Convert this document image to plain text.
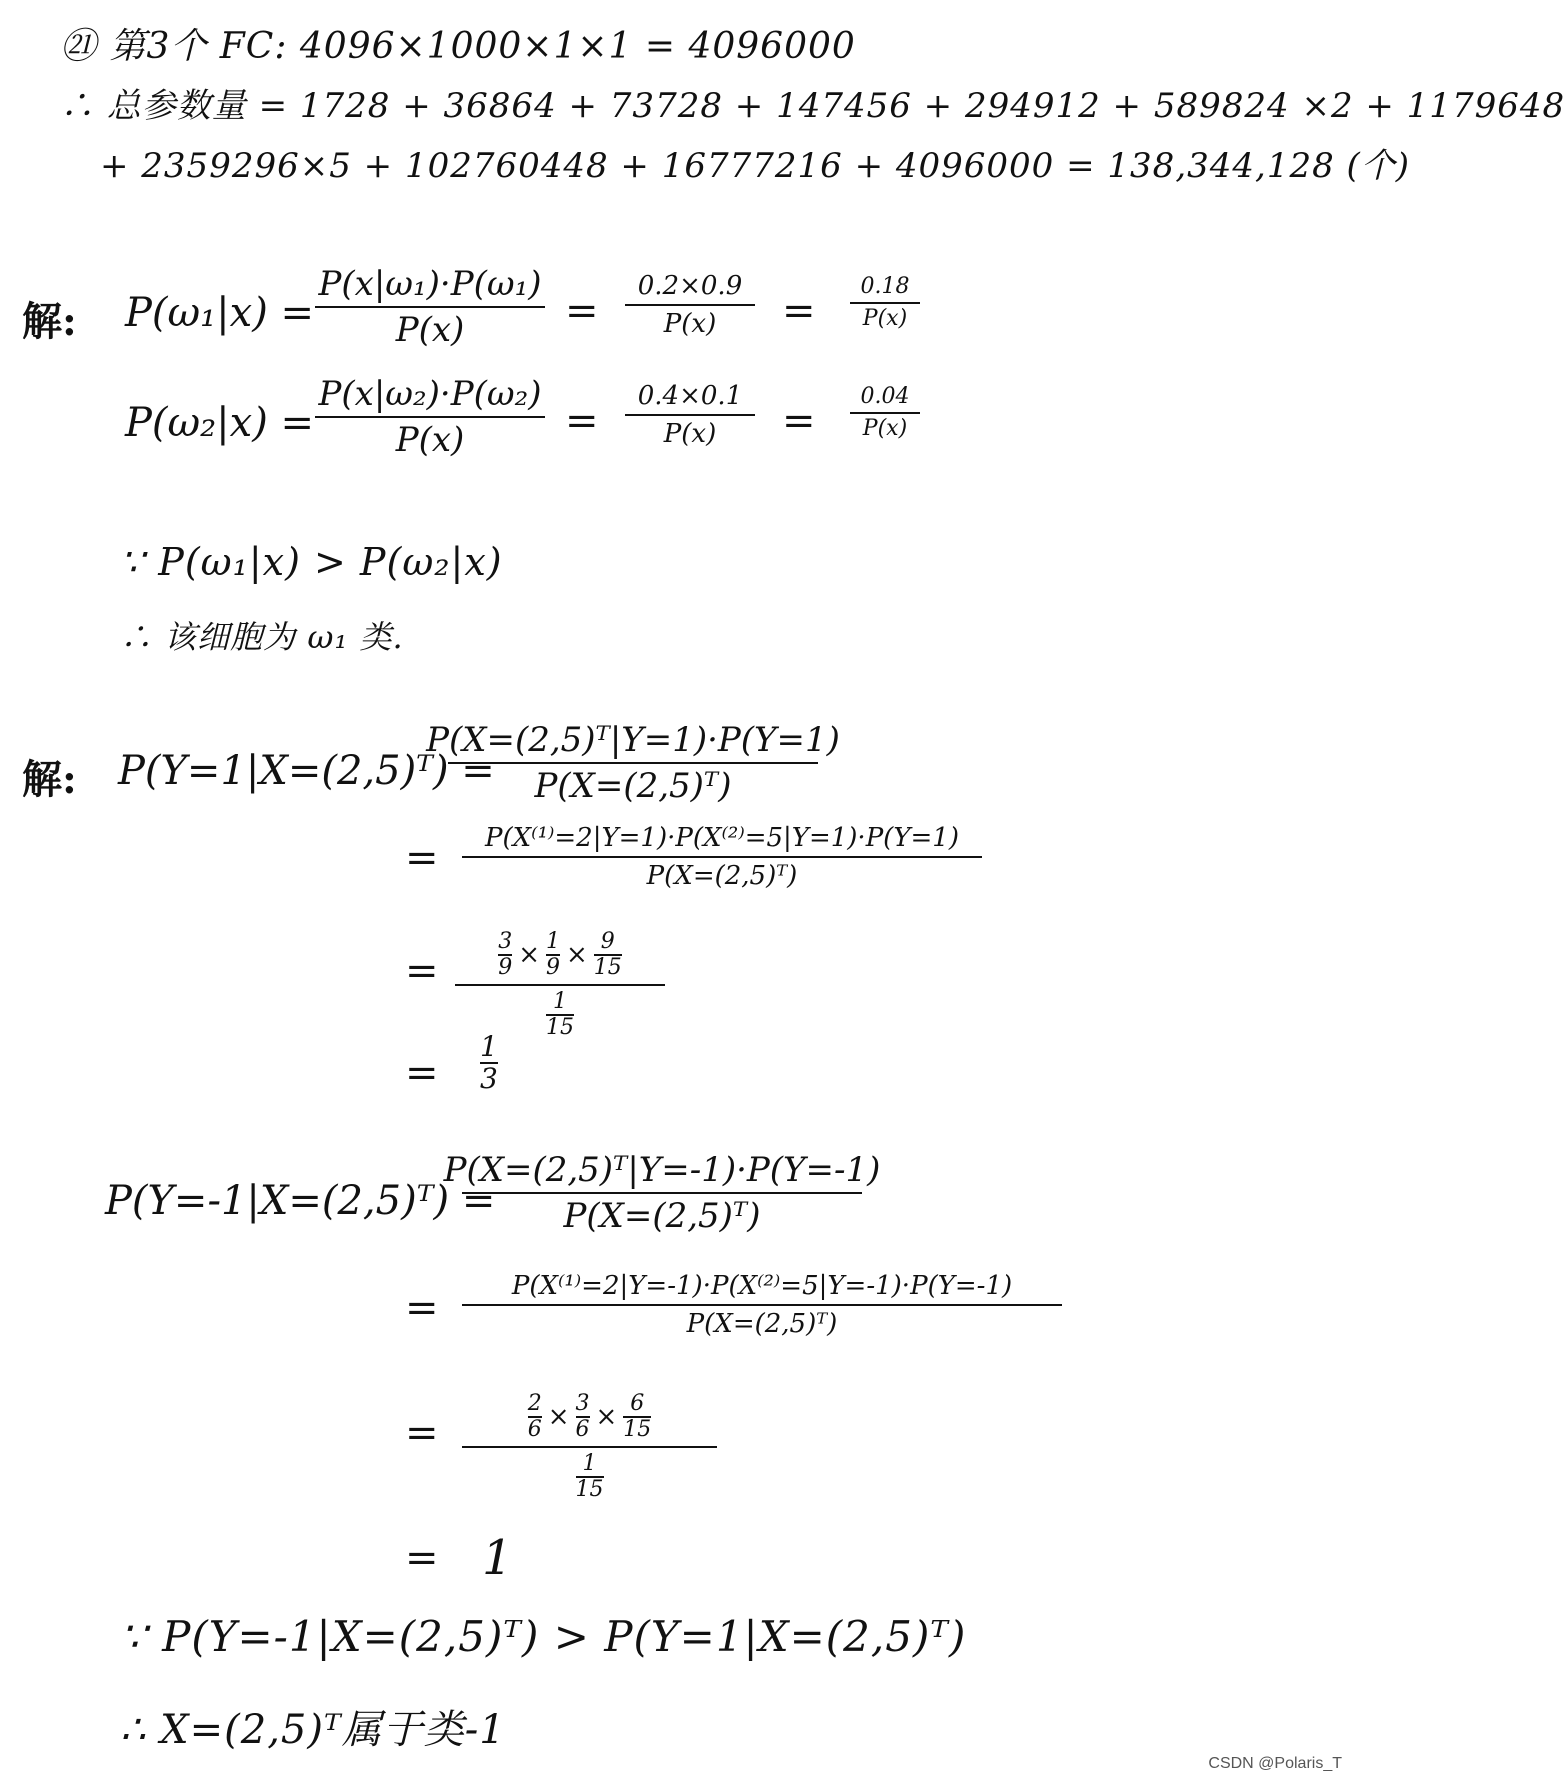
㉑ 第3个 FC: 4096×1000×1×1 = 4096000
∴ 总参数量 = 1728 + 36864 + 73728 + 147456 + 294912 + 589824 ×2 + 1179648
+ 2359296×5 + 102760448 + 16777216 + 4096000 = 138,344,128 (个)
解: P(ω₁|x) =
P(x|ω₁)·P(ω₁)
P(x)	=
0.2×0.9
P(x) =
0.18
P(x)
P(ω₂|x) =
P(x|ω₂)·P(ω₂)
P(x)	=
0.4×0.1
P(x) =
0.04
P(x)
∵ P(ω₁|x) > P(ω₂|x)
∴ 该细胞为 ω₁ 类.
解: P(Y=1|X=(2,5)ᵀ) =
P(X=(2,5)ᵀ|Y=1)·P(Y=1)
P(X=(2,5)ᵀ)
= P(X⁽¹⁾=2|Y=1)·P(X⁽²⁾=5|Y=1)·P(Y=1)
P(X=(2,5)ᵀ)
=
3
9 × 1
9 × 9
15
1
15
=
1
3
P(Y=-1|X=(2,5)ᵀ) =
P(X=(2,5)ᵀ|Y=-1)·P(Y=-1)
P(X=(2,5)ᵀ)
=	P(X⁽¹⁾=2|Y=-1)·P(X⁽²⁾=5|Y=-1)·P(Y=-1)
P(X=(2,5)ᵀ)
=
2
6 × 3
6 × 6
15
1
15
= 1
∵ P(Y=-1|X=(2,5)ᵀ) > P(Y=1|X=(2,5)ᵀ)
∴ X=(2,5)ᵀ属于类-1
CSDN @Polaris_T
